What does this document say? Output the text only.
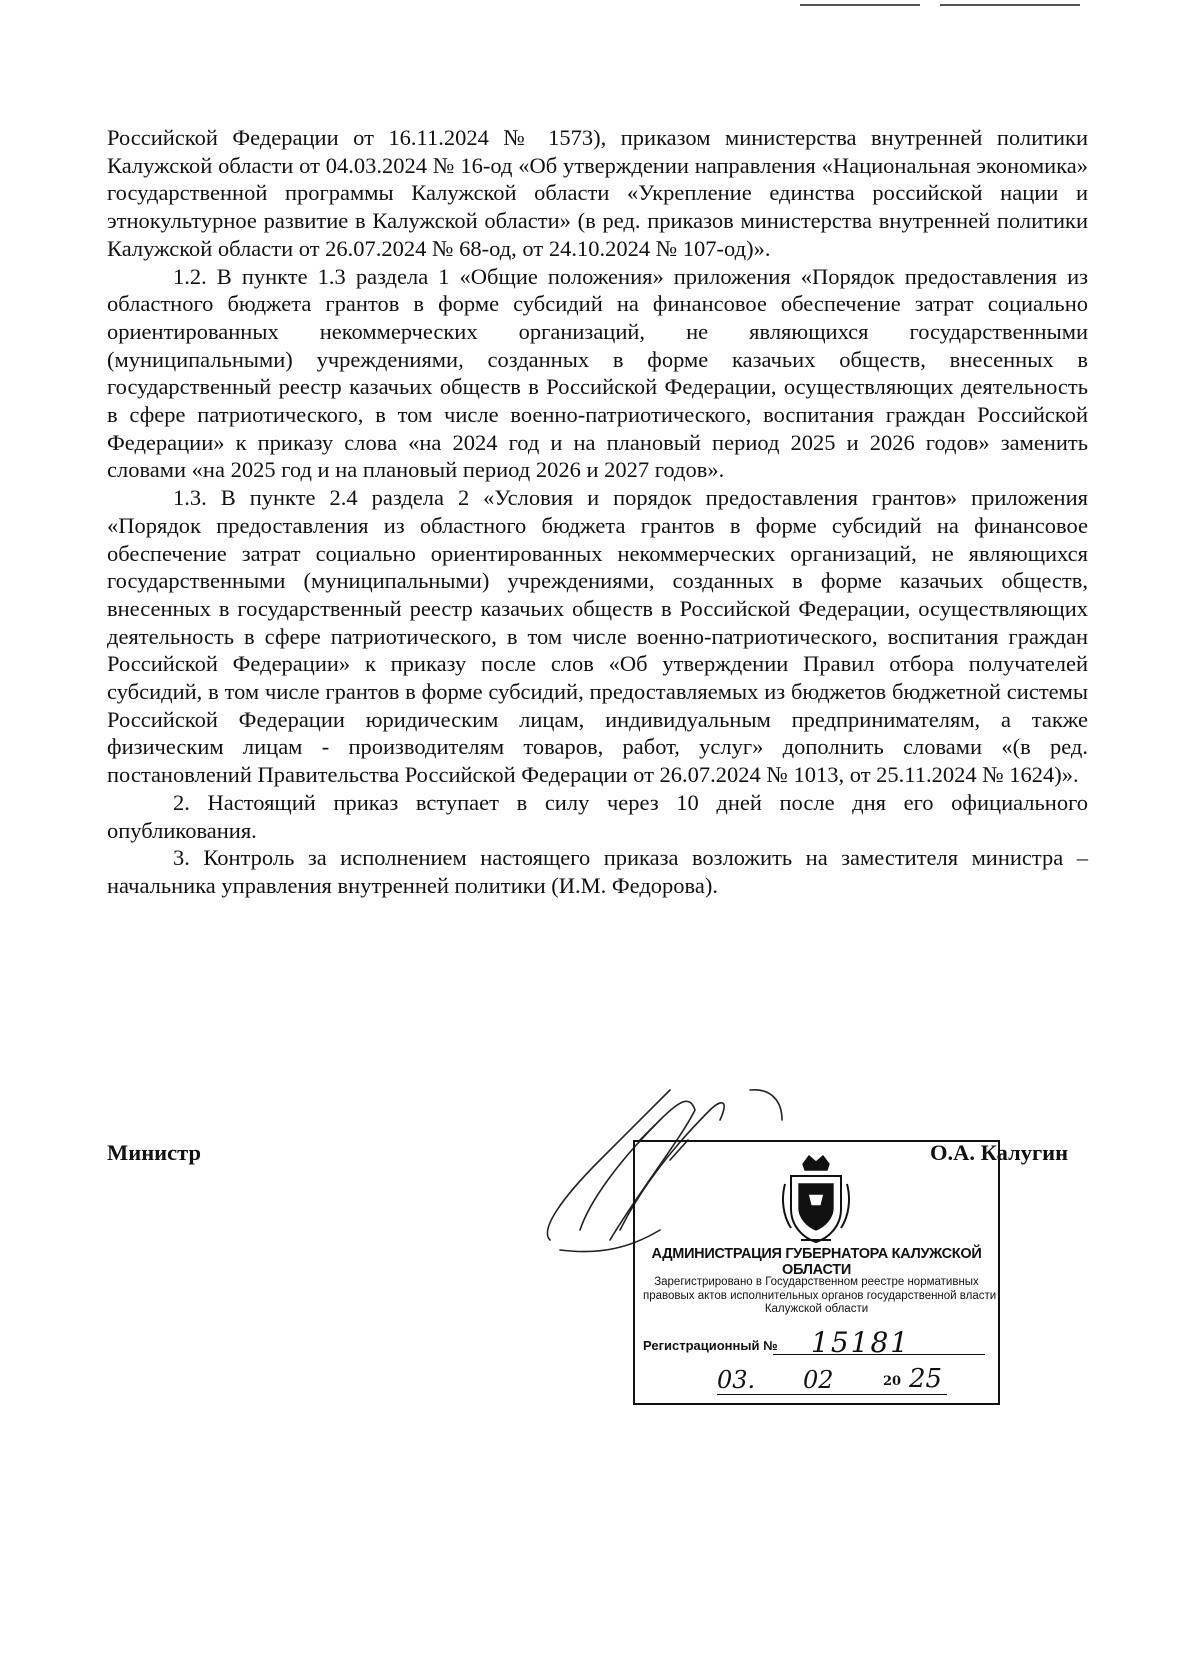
Российской Федерации от 16.11.2024 № 1573), приказом министерства внутренней политики Калужской области от 04.03.2024 № 16-од «Об утверждении направления «Национальная экономика» государственной программы Калужской области «Укрепление единства российской нации и этнокультурное развитие в Калужской области» (в ред. приказов министерства внутренней политики Калужской области от 26.07.2024 № 68-од, от 24.10.2024 № 107-од)».

1.2. В пункте 1.3 раздела 1 «Общие положения» приложения «Порядок предоставления из областного бюджета грантов в форме субсидий на финансовое обеспечение затрат социально ориентированных некоммерческих организаций, не являющихся государственными (муниципальными) учреждениями, созданных в форме казачьих обществ, внесенных в государственный реестр казачьих обществ в Российской Федерации, осуществляющих деятельность в сфере патриотического, в том числе военно-патриотического, воспитания граждан Российской Федерации» к приказу слова «на 2024 год и на плановый период 2025 и 2026 годов» заменить словами «на 2025 год и на плановый период 2026 и 2027 годов».

1.3. В пункте 2.4 раздела 2 «Условия и порядок предоставления грантов» приложения «Порядок предоставления из областного бюджета грантов в форме субсидий на финансовое обеспечение затрат социально ориентированных некоммерческих организаций, не являющихся государственными (муниципальными) учреждениями, созданных в форме казачьих обществ, внесенных в государственный реестр казачьих обществ в Российской Федерации, осуществляющих деятельность в сфере патриотического, в том числе военно-патриотического, воспитания граждан Российской Федерации» к приказу после слов «Об утверждении Правил отбора получателей субсидий, в том числе грантов в форме субсидий, предоставляемых из бюджетов бюджетной системы Российской Федерации юридическим лицам, индивидуальным предпринимателям, а также физическим лицам - производителям товаров, работ, услуг» дополнить словами «(в ред. постановлений Правительства Российской Федерации от 26.07.2024 № 1013, от 25.11.2024 № 1624)».

2. Настоящий приказ вступает в силу через 10 дней после дня его официального опубликования.

3. Контроль за исполнением настоящего приказа возложить на заместителя министра – начальника управления внутренней политики (И.М. Федорова).

Министр
АДМИНИСТРАЦИЯ ГУБЕРНАТОРА КАЛУЖСКОЙ ОБЛАСТИ
Зарегистрировано в Государственном реестре нормативных
правовых актов исполнительных органов государственной власти
Калужской области
Регистрационный № 15181
03. 02	20 25
О.А. Калугин
